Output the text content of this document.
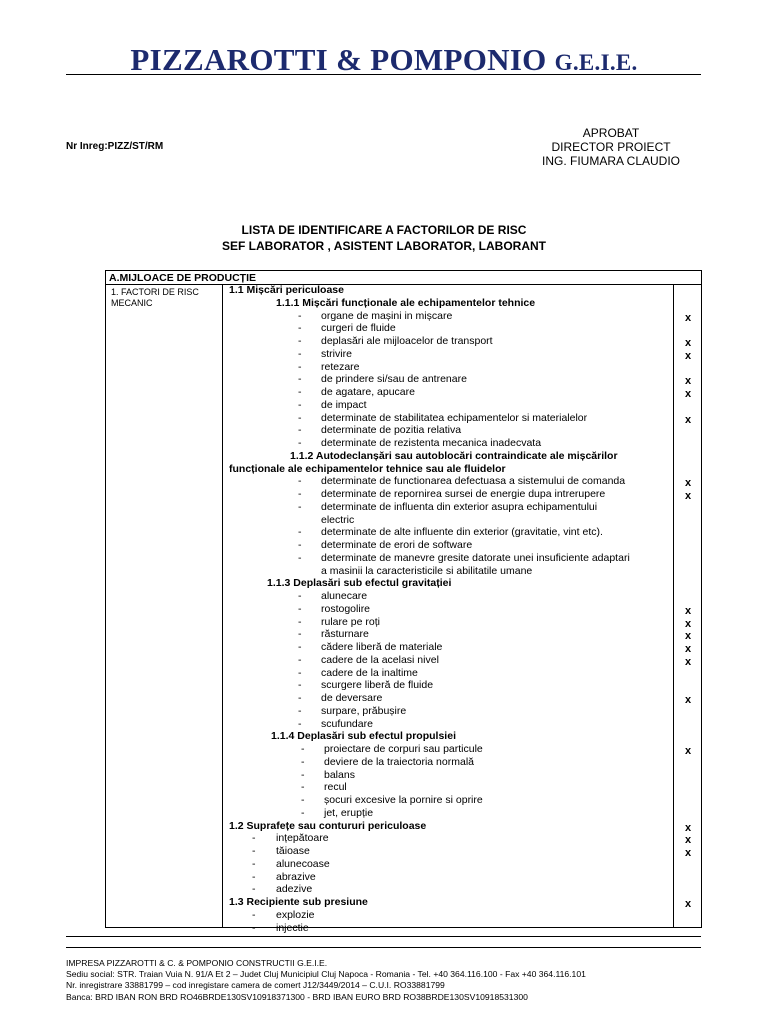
PIZZAROTTI & POMPONIO G.E.I.E.
Nr Inreg:PIZZ/ST/RM
APROBAT
DIRECTOR PROIECT
ING. FIUMARA CLAUDIO
LISTA DE IDENTIFICARE A FACTORILOR DE RISC
SEF LABORATOR , ASISTENT LABORATOR, LABORANT
A.MIJLOACE DE PRODUCȚIE
1. FACTORI DE RISC MECANIC
1.1 Mișcări periculoase
1.1.1 Mișcări funcționale ale echipamentelor tehnice
- organe de mașini in mișcare	x
- curgeri de fluide
- deplasări ale mijloacelor de transport	x
- strivire	x
- retezare
- de prindere si/sau de antrenare	x
- de agatare, apucare	x
- de impact
- determinate de stabilitatea echipamentelor si materialelor	x
- determinate de pozitia relativa
- determinate de rezistenta mecanica inadecvata
1.1.2 Autodeclanșări sau autoblocări contraindicate ale mișcărilor
funcționale ale echipamentelor tehnice sau ale fluidelor
- determinate de functionarea defectuasa a sistemului de comanda	x
- determinate de repornirea sursei de energie dupa intrerupere	x
- determinate de influenta din exterior asupra echipamentului
electric
- determinate de alte influente din exterior (gravitatie, vint etc).
- determinate de erori de software
- determinate de manevre gresite datorate unei insuficiente adaptari
a masinii la caracteristicile si abilitatile umane
1.1.3 Deplasări sub efectul gravitației
- alunecare
- rostogolire	x
- rulare pe roți	x
- răsturnare	x
- cădere liberă de materiale	x
- cadere de la acelasi nivel	x
- cadere de la inaltime
- scurgere liberă de fluide
- de deversare	x
- surpare, prăbușire
- scufundare
1.1.4 Deplasări sub efectul propulsiei
- proiectare de corpuri sau particule	x
- deviere de la traiectoria normală
- balans
- recul
- șocuri excesive la pornire si oprire
- jet, erupție
1.2 Suprafețe sau contururi periculoase	x
- ințepătoare	x
- tăioase	x
- alunecoase
- abrazive
- adezive
1.3 Recipiente sub presiune	x
- explozie
- injectie
IMPRESA PIZZAROTTI & C. & POMPONIO CONSTRUCTII G.E.I.E.
Sediu social: STR. Traian Vuia N. 91/A Et 2 – Judet Cluj Municipiul Cluj Napoca - Romania - Tel. +40 364.116.100 - Fax +40 364.116.101
Nr. inregistrare 33881799 – cod inregistare camera de comert J12/3449/2014 – C.U.I. RO33881799
Banca: BRD IBAN RON BRD RO46BRDE130SV10918371300 - BRD IBAN EURO BRD RO38BRDE130SV10918531300
